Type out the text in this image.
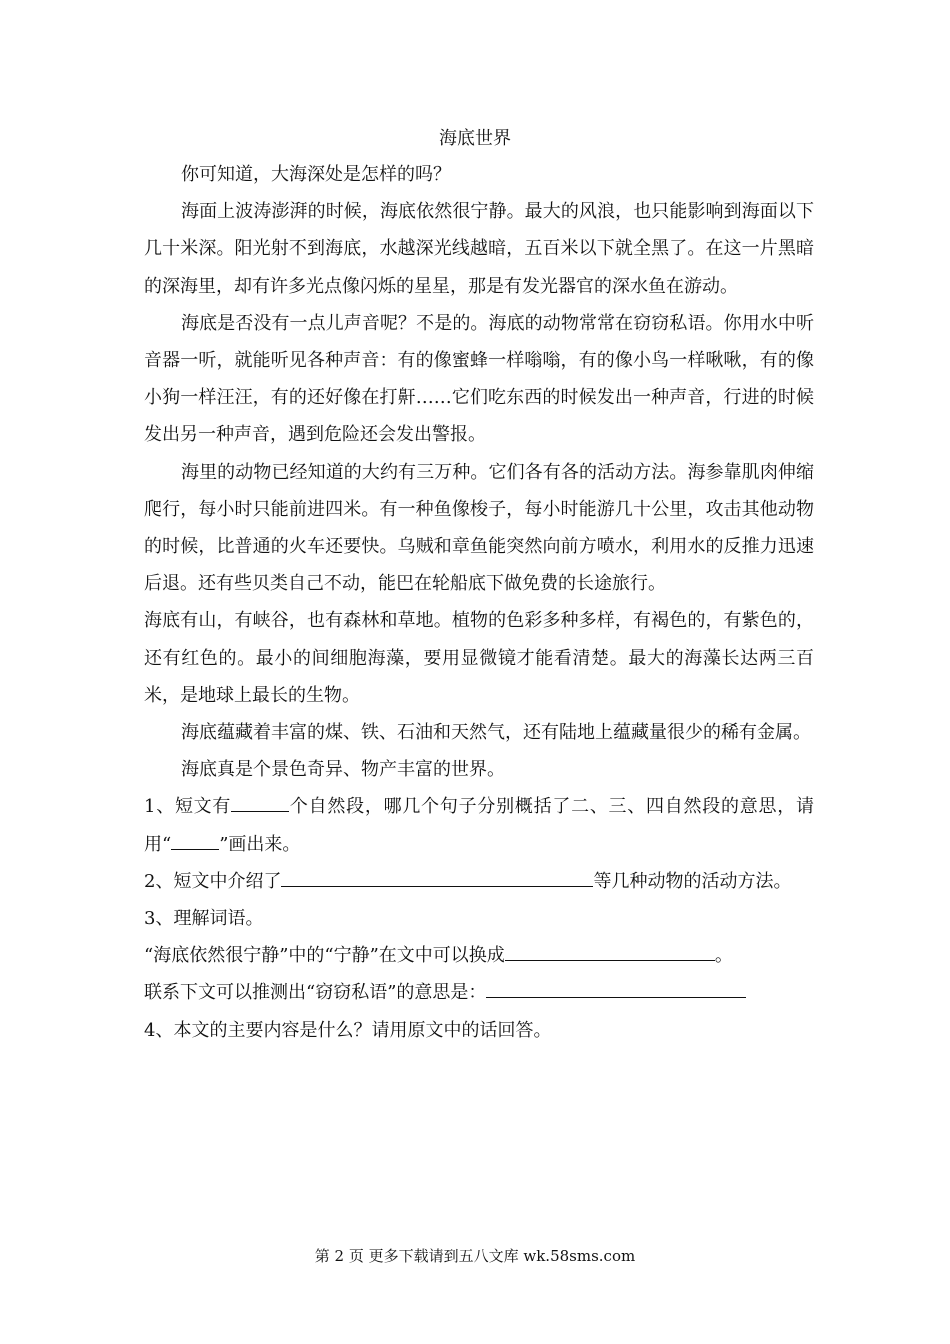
海底世界

你可知道，大海深处是怎样的吗？

海面上波涛澎湃的时候，海底依然很宁静。最大的风浪，也只能影响到海面以下几十米深。阳光射不到海底，水越深光线越暗，五百米以下就全黑了。在这一片黑暗的深海里，却有许多光点像闪烁的星星，那是有发光器官的深水鱼在游动。

海底是否没有一点儿声音呢？不是的。海底的动物常常在窃窃私语。你用水中听音器一听，就能听见各种声音：有的像蜜蜂一样嗡嗡，有的像小鸟一样啾啾，有的像小狗一样汪汪，有的还好像在打鼾……它们吃东西的时候发出一种声音，行进的时候发出另一种声音，遇到危险还会发出警报。

海里的动物已经知道的大约有三万种。它们各有各的活动方法。海参靠肌肉伸缩爬行，每小时只能前进四米。有一种鱼像梭子，每小时能游几十公里，攻击其他动物的时候，比普通的火车还要快。乌贼和章鱼能突然向前方喷水，利用水的反推力迅速后退。还有些贝类自己不动，能巴在轮船底下做免费的长途旅行。

海底有山，有峡谷，也有森林和草地。植物的色彩多种多样，有褐色的，有紫色的，还有红色的。最小的间细胞海藻，要用显微镜才能看清楚。最大的海藻长达两三百米，是地球上最长的生物。

海底蕴藏着丰富的煤、铁、石油和天然气，还有陆地上蕴藏量很少的稀有金属。

海底真是个景色奇异、物产丰富的世界。

1、短文有	个自然段，哪几个句子分别概括了二、三、四自然段的意思，请用“	”画出来。

2、短文中介绍了	等几种动物的活动方法。

3、理解词语。

“海底依然很宁静”中的“宁静”在文中可以换成	。

联系下文可以推测出“窃窃私语”的意思是：

4、本文的主要内容是什么？请用原文中的话回答。

第 2 页 更多下载请到五八文库 wk.58sms.com
